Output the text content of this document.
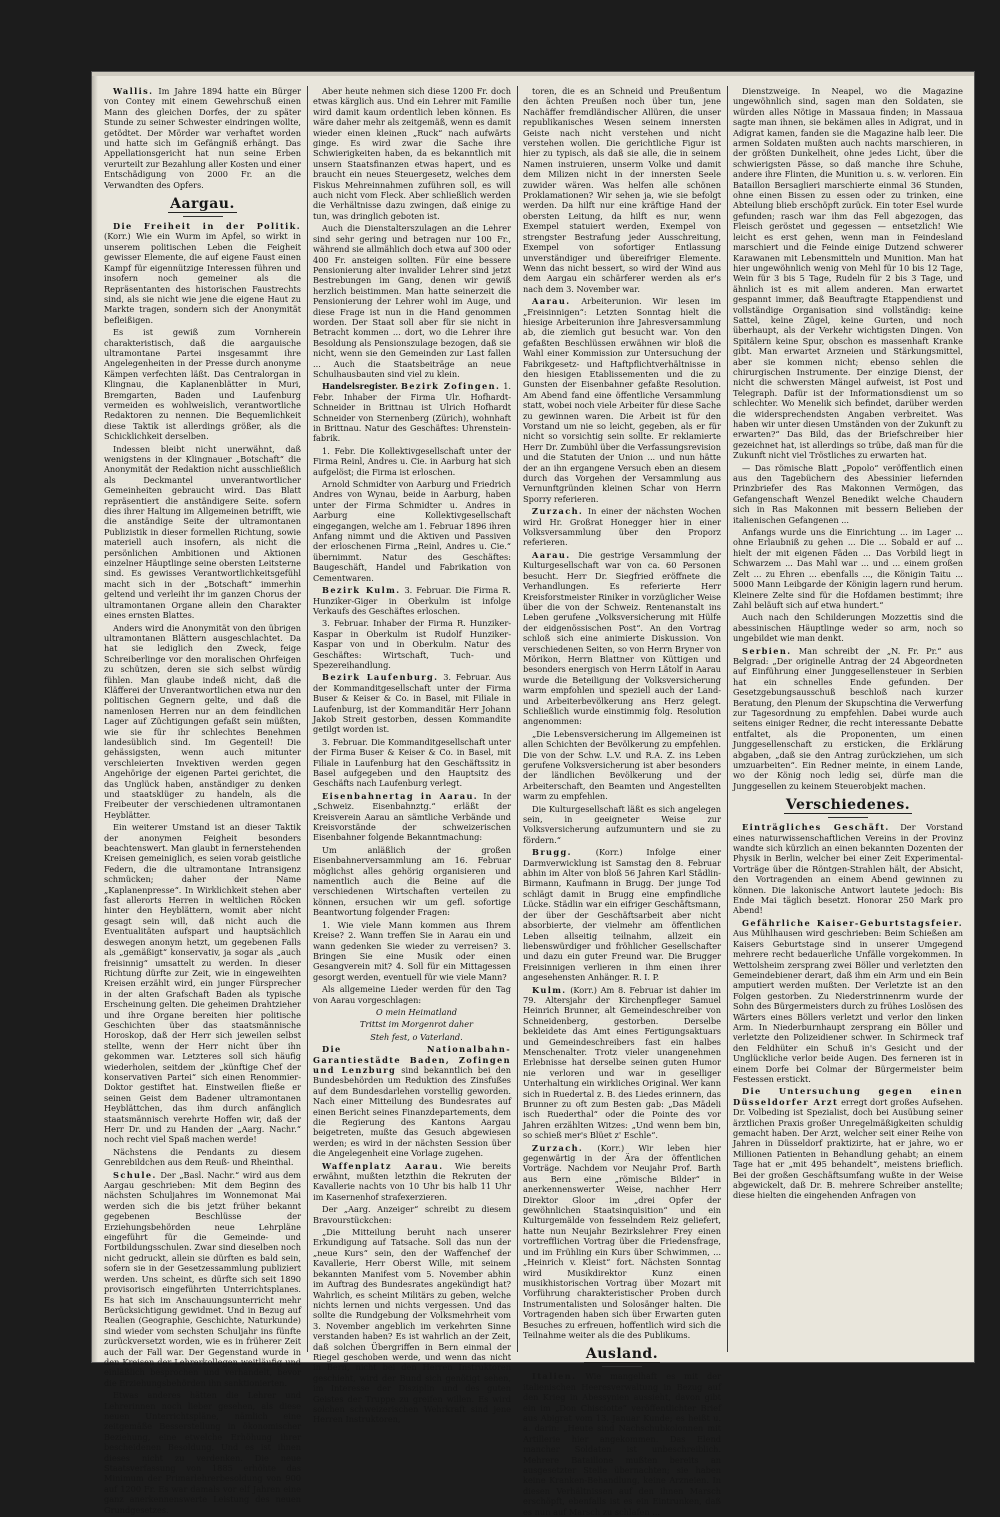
Wallis. Im Jahre 1894 hatte ein Bürger von Contey mit einem Gewehrschuß einen Mann des gleichen Dorfes, der zu später Stunde zu seiner Schwester eindringen wollte, getödtet. Der Mörder war verhaftet worden und hatte sich im Gefängniß erhängt. Das Appellationsgericht hat nun seine Erben verurteilt zur Bezahlung aller Kosten und einer Entschädigung von 2000 Fr. an die Verwandten des Opfers.

Aargau.

Die Freiheit in der Politik. (Korr.) Wie ein Wurm im Apfel, so wirkt in unserem politischen Leben die Feigheit gewisser Elemente, die auf eigene Faust einen Kampf für eigennützige Interessen führen und insofern noch gemeiner als die Repräsentanten des historischen Faustrechts sind, als sie nicht wie jene die eigene Haut zu Markte tragen, sondern sich der Anonymität befleißigen.

Es ist gewiß zum Vornherein charakteristisch, daß die aargauische ultramontane Partei insgesammt ihre Angelegenheiten in der Presse durch anonyme Kämpen verfechten läßt. Das Centralorgan in Klingnau, die Kaplanenblätter in Muri, Bremgarten, Baden und Laufenburg vermeiden es wohlweislich, verantwortliche Redaktoren zu nennen. Die Bequemlichkeit diese Taktik ist allerdings größer, als die Schicklichkeit derselben.

Indessen bleibt nicht unerwähnt, daß wenigstens in der Klingnauer „Botschaft“ die Anonymität der Redaktion nicht ausschließlich als Deckmantel unverantwortlicher Gemeinheiten gebraucht wird. Das Blatt repräsentiert die anständigere Seite. sofern dies ihrer Haltung im Allgemeinen betrifft, wie die anständige Seite der ultramontanen Publizistik in dieser formellen Richtung, sowie materiell auch insofern, als nicht die persönlichen Ambitionen und Aktionen einzelner Häuptlinge seine obersten Leitsterne sind. Es gewisses Verantwortlichkeitsgefühl macht sich in der „Botschaft“ immerhin geltend und verleiht ihr im ganzen Chorus der ultramontanen Organe allein den Charakter eines ernsten Blattes.

Anders wird die Anonymität von den übrigen ultramontanen Blättern ausgeschlachtet. Da hat sie lediglich den Zweck, feige Schreiberlinge vor den moralischen Ohrfeigen zu schützen, deren sie sich selbst würdig fühlen. Man glaube indeß nicht, daß die Kläfferei der Unverantwortlichen etwa nur den politischen Gegnern gelte, und daß die namenlosen Herren nur an dem feindlichen Lager auf Züchtigungen gefaßt sein müßten, wie sie für ihr schlechtes Benehmen landesüblich sind. Im Gegenteil! Die gehässigsten, wenn auch mitunter verschleierten Invektiven werden gegen Angehörige der eigenen Partei gerichtet, die das Unglück haben, anständiger zu denken und staatsklüger zu handeln, als die Freibeuter der verschiedenen ultramontanen Heyblätter.

Ein weiterer Umstand ist an dieser Taktik der anonymen Feigheit besonders beachtenswert. Man glaubt in fernerstehenden Kreisen gemeiniglich, es seien vorab geistliche Federn, die die ultramontane Intransigenz schmücken; daher der Name „Kaplanenpresse“. In Wirklichkeit stehen aber fast allerorts Herren in weltlichen Röcken hinter den Heyblättern, womit aber nicht gesagt sein will, daß nicht auch die Eventualitäten aufspart und hauptsächlich deswegen anonym hetzt, um gegebenen Falls als „gemäßigt“ konservativ, ja sogar als „auch freisinnig“ umsattelt zu werden. In dieser Richtung dürfte zur Zeit, wie in eingeweihten Kreisen erzählt wird, ein junger Fürsprecher in der alten Grafschaft Baden als typische Erscheinung gelten. Die geheimen Drahtzieher und ihre Organe bereiten hier politische Geschichten über das staatsmännische Horoskop, daß der Herr sich jeweilen selbst stellte, wenn der Herr nicht über ihn gekommen war. Letzteres soll sich häufig wiederholen, seitdem der „künftige Chef der konservativen Partei“ sich einen Renommier-Doktor gestiftet hat. Einstweilen fließe er seinen Geist dem Badener ultramontanen Heyblättchen, das ihm durch anfänglich staatsmännisch verehrte Hoffen wir, daß der Herr Dr. und zu Handen der „Aarg. Nachr.“ noch recht viel Spaß machen werde!

Nächstens die Pendants zu diesem Genrebildchen aus dem Reuß- und Rheinthal.

Schule. Der „Basl. Nachr.“ wird aus dem Aargau geschrieben: Mit dem Beginn des nächsten Schuljahres im Wonnemonat Mai werden sich die bis jetzt früher bekannt gegebenen Beschlüsse der Erziehungsbehörden neue Lehrpläne eingeführt für die Gemeinde- und Fortbildungsschulen. Zwar sind dieselben noch nicht gedruckt, allein sie dürften es bald sein, sofern sie in der Gesetzessammlung publiziert werden. Uns scheint, es dürfte sich seit 1890 provisorisch eingeführten Unterrichtsplanes. Es hat sich im Anschauungsunterricht mehr Berücksichtigung gewidmet. Und in Bezug auf Realien (Geographie, Geschichte, Naturkunde) sind wieder vom sechsten Schuljahr ins fünfte zurückversetzt worden, wie es in früherer Zeit auch der Fall war. Der Gegenstand wurde in den Kreisen der Lehrerkollegen weitläufig und einläßlich besprochen und verhandelt, bevor die Erziehungsbehörden ihn sanktionierten.

Etwas anderes hätten die Lehrer und Lehrerinnen noch lieber gesehen, als diese neuen Unterrichtspläne, nämlich eine zeitgemäße Besserstellung in ökonomischer Beziehung, eine etwelche Erhöhung ihrer bescheidenen Besoldung. Und es ist ihnen dieses nicht zu verdenken. Die neue Staatsverfassung von 1885 erhöhte das Minimum der Primarlehrerbesoldung von 900 auf 1200 Fr. Es war damals vor elf Jahren eine ganz anerkennenswerte Leistung des neuen Grundgesetzes.

Aber heute nehmen sich diese 1200 Fr. doch etwas kärglich aus. Und ein Lehrer mit Familie wird damit kaum ordentlich leben können. Es wäre daher mehr als zeitgemäß, wenn es damit wieder einen kleinen „Ruck“ nach aufwärts ginge. Es wird zwar die Sache ihre Schwierigkeiten haben, da es bekanntlich mit unsern Staatsfinanzen etwas hapert, und es braucht ein neues Steuergesetz, welches dem Fiskus Mehreinnahmen zuführen soll, es will auch nicht vom Fleck. Aber schließlich werden die Verhältnisse dazu zwingen, daß einige zu tun, was dringlich geboten ist.

Auch die Dienstalterszulagen an die Lehrer sind sehr gering und betragen nur 100 Fr., während sie allmählich doch etwa auf 300 oder 400 Fr. ansteigen sollten. Für eine bessere Pensionierung alter invalider Lehrer sind jetzt Bestrebungen im Gang, denen wir gewiß herzlich beistimmen. Man hatte seinerzeit die Pensionierung der Lehrer wohl im Auge, und diese Frage ist nun in die Hand genommen worden. Der Staat soll aber für sie nicht in Betracht kommen ... dort, wo die Lehrer ihre Besoldung als Pensionszulage bezogen, daß sie nicht, wenn sie den Gemeinden zur Last fallen ... Auch die Staatsbeiträge an neue Schulhausbauten sind viel zu klein.

Handelsregister. Bezirk Zofingen. 1. Febr. Inhaber der Firma Ulr. Hofhardt-Schneider in Brittnau ist Ulrich Hofhardt Schneider von Sternenberg (Zürich), wohnhaft in Brittnau. Natur des Geschäftes: Uhrenstein-fabrik.

1. Febr. Die Kollektivgesellschaft unter der Firma Reinl, Andres u. Cie. in Aarburg hat sich aufgelöst; die Firma ist erloschen.

Arnold Schmidter von Aarburg und Friedrich Andres von Wynau, beide in Aarburg, haben unter der Firma Schmidter u. Andres in Aarburg eine Kollektivgesellschaft eingegangen, welche am 1. Februar 1896 ihren Anfang nimmt und die Aktiven und Passiven der erloschenen Firma „Reinl, Andres u. Cie.“ übernimmt. Natur des Geschäftes: Baugeschäft, Handel und Fabrikation von Cementwaren.

Bezirk Kulm. 3. Februar. Die Firma R. Hunziker-Giger in Oberkulm ist infolge Verkaufs des Geschäftes erloschen.

3. Februar. Inhaber der Firma R. Hunziker-Kaspar in Oberkulm ist Rudolf Hunziker-Kaspar von und in Oberkulm. Natur des Geschäftes: Wirtschaft, Tuch- und Spezereihandlung.

Bezirk Laufenburg. 3. Februar. Aus der Kommanditgesellschaft unter der Firma Buser & Keiser & Co. in Basel, mit Filiale in Laufenburg, ist der Kommanditär Herr Johann Jakob Streit gestorben, dessen Kommandite getilgt worden ist.

3. Februar. Die Kommanditgesellschaft unter der Firma Buser & Keiser & Co. in Basel, mit Filiale in Laufenburg hat den Geschäftssitz in Basel aufgegeben und den Hauptsitz des Geschäfts nach Laufenburg verlegt.

Eisenbahnertag in Aarau. In der „Schweiz. Eisenbahnztg.“ erläßt der Kreisverein Aarau an sämtliche Verbände und Kreisvorstände der schweizerischen Eisenbahner folgende Bekanntmachung:

Um anläßlich der großen Eisenbahnerversammlung am 16. Februar möglichst alles gehörig organisieren und namentlich auch die Beine auf die verschiedenen Wirtschaften verteilen zu können, ersuchen wir um gefl. sofortige Beantwortung folgender Fragen:

1. Wie viele Mann kommen aus Ihrem Kreise? 2. Wann treffen Sie in Aarau ein und wann gedenken Sie wieder zu verreisen? 3. Bringen Sie eine Musik oder einen Gesangverein mit? 4. Soll für ein Mittagessen gesorgt werden, eventuell für wie viele Mann?

Als allgemeine Lieder werden für den Tag von Aarau vorgeschlagen:

O mein Heimatland

Trittst im Morgenrot daher

Steh fest, o Vaterland.

Die Nationalbahn-Garantiestädte Baden, Zofingen und Lenzburg sind bekanntlich bei den Bundesbehörden um Reduktion des Zinsfußes auf dem Bundesdarlehen vorstellig geworden. Nach einer Mitteilung des Bundesrates auf einen Bericht seines Finanzdepartements, dem die Regierung des Kantons Aargau beigetreten, mußte das Gesuch abgewiesen werden; es wird in der nächsten Session über die Angelegenheit eine Vorlage zugehen.

Waffenplatz Aarau. Wie bereits erwähnt, mußten letzthin die Rekruten der Kavallerie nachts von 10 Uhr bis halb 11 Uhr im Kasernenhof strafexerzieren.

Der „Aarg. Anzeiger“ schreibt zu diesem Bravourstückchen:

„Die Mitteilung beruht nach unserer Erkundigung auf Tatsache. Soll das nun der „neue Kurs“ sein, den der Waffenchef der Kavallerie, Herr Oberst Wille, mit seinem bekannten Manifest vom 5. November abhin im Auftrag des Bundesrates angekündigt hat? Wahrlich, es scheint Militärs zu geben, welche nichts lernen und nichts vergessen. Und das sollte die Rundgebung der Volksmehrheit vom 3. November angeblich im verkehrten Sinne verstanden haben? Es ist wahrlich an der Zeit, daß solchen Übergriffen in Bern einmal der Riegel geschoben werde, und wenn das nicht in Bern, nicht bei den Herren Instruktoren geschieht, wird der Bund sich genötigt sehen, im Interesse der Disziplin und des guten Geistes der Truppe zu greifen willen. Es wird solchen schweizerischen Wehrkraft sind jene Herren Instruktoren,

toren, die es an Schneid und Preußentum den ächten Preußen noch über tun, jene Nachäffer fremdländischer Allüren, die unser republikanisches Wesen seinem innersten Geiste nach nicht verstehen und nicht verstehen wollen. Die gerichtliche Figur ist hier zu typisch, als daß sie alle, die in seinem Namen instruieren, unserm Volke und damit dem Milizen nicht in der innersten Seele zuwider wären. Was helfen alle schönen Proklamationen? Wir sehen ja, wie sie befolgt werden. Da hilft nur eine kräftige Hand der obersten Leitung, da hilft es nur, wenn Exempel statuiert werden, Exempel von strengster Bestrafung jeder Ausschreitung, Exempel von sofortiger Entlassung unverständiger und übereifriger Elemente. Wenn das nicht bessert, so wird der Wind aus dem Aargau ein schärferer werden als er's nach dem 3. November war.

Aarau. Arbeiterunion. Wir lesen im „Freisinnigen“: Letzten Sonntag hielt die hiesige Arbeiterunion ihre Jahresversammlung ab, die ziemlich gut besucht war. Von den gefaßten Beschlüssen erwähnen wir bloß die Wahl einer Kommission zur Untersuchung der Fabrikgesetz- und Haftpflichtverhältnisse in den hiesigen Etablissementen und die zu Gunsten der Eisenbahner gefaßte Resolution. Am Abend fand eine öffentliche Versammlung statt, wobei noch viele Arbeiter für diese Sache zu gewinnen waren. Die Arbeit ist für den Vorstand um nie so leicht, gegeben, als er für nicht so vorsichtig sein sollte. Er reklamierte Herr Dr. Zumbühl über die Verfassungsrevision und die Statuten der Union ... und nun hätte der an ihn ergangene Versuch eben an diesem durch das Vorgehen der Versammlung aus Vernunftgründen kleinen Schar von Herrn Sporry referieren.

Zurzach. In einer der nächsten Wochen wird Hr. Großrat Honegger hier in einer Volksversammlung über den Proporz referieren.

Aarau. Die gestrige Versammlung der Kulturgesellschaft war von ca. 60 Personen besucht. Herr Dr. Siegfried eröffnete die Verhandlungen. Es referierte Herr Kreisforstmeister Riniker in vorzüglicher Weise über die von der Schweiz. Rentenanstalt ins Leben gerufene „Volksversicherung mit Hülfe der eidgenössischen Post“. An den Vortrag schloß sich eine animierte Diskussion. Von verschiedenen Seiten, so von Herrn Bryner von Mörikon, Herrn Blattner von Küttigen und besonders energisch von Herrn Lätolf in Aarau wurde die Beteiligung der Volksversicherung warm empfohlen und speziell auch der Land- und Arbeiterbevölkerung ans Herz gelegt. Schließlich wurde einstimmig folg. Resolution angenommen:

„Die Lebensversicherung im Allgemeinen ist allen Schichten der Bevölkerung zu empfehlen. Die von der Schw. L.V. und R.A. Z. ins Leben gerufene Volksversicherung ist aber besonders der ländlichen Bevölkerung und der Arbeiterschaft, den Beamten und Angestellten warm zu empfehlen.

Die Kulturgesellschaft läßt es sich angelegen sein, in geeigneter Weise zur Volksversicherung aufzumuntern und sie zu fördern.“

Brugg.	(Korr.) Infolge einer Darmverwicklung ist Samstag den 8. Februar abhin im Alter von bloß 56 Jahren Karl Städlin-Birmann, Kaufmann in Brugg. Der junge Tod schlägt damit in Brugg eine empfindliche Lücke. Städlin war ein eifriger Geschäftsmann, der über der Geschäftsarbeit aber nicht absorbierte, der vielmehr am öffentlichen Leben allseitig teilnahm, allzeit ein liebenswürdiger und fröhlicher Gesellschafter und dazu ein guter Freund war. Die Brugger Freisinnigen verlieren in ihm einen ihrer angesehensten Anhänger. R. I. P.

Kulm. (Korr.) Am 8. Februar ist dahier im 79. Altersjahr der Kirchenpfleger Samuel Heinrich Brunner, alt Gemeindeschreiber von Schneidenberg, gestorben. Derselbe bekleidete das Amt eines Fertigungsaktuars und Gemeindeschreibers fast ein halbes Menschenalter. Trotz vieler unangenehmen Erlebnisse hat derselbe seinen guten Humor nie verloren und war in geselliger Unterhaltung ein wirkliches Original. Wer kann sich in Ruedertal z. B. des Liedes erinnern, das Brunner zu oft zum Besten gab: „Das Mädeli isch Ruederthal“ oder die Pointe des vor Jahren erzählten Witzes: „Und wenn bem bin, so schieß mer's Blüet z' Eschle“.

Zurzach. (Korr.) Wir leben hier gegenwärtig in der Ära der öffentlichen Vorträge. Nachdem vor Neujahr Prof. Barth aus Bern eine „römische Bilder“ in anerkennenswerter Weise, nachher Herr Direktor Gloor im „drei Opfer der gewöhnlichen Staatsinquisition“ und ein Kulturgemälde von fesselndem Reiz geliefert, hatte nun Neujahr Bezirkslehrer Frey einen vortrefflichen Vortrag über die Friedensfrage, und im Frühling ein Kurs über Schwimmen, ... „Heinrich v. Kleist“ fort. Nächsten Sonntag wird Musikdirektor Kunz einen musikhistorischen Vortrag über Mozart mit Vorführung charakteristischer Proben durch Instrumentalisten und Solosänger halten. Die Vortragenden haben sich über Erwarten guten Besuches zu erfreuen, hoffentlich wird sich die Teilnahme weiter als die des Publikums.

Ausland.

Italien. Wie mangelhaft es mit der italienischen Heeresverwaltung in Bezug auf den Krieg in Abessynien aussieht, davon gibt ein im „Don Chisciotte“ veröffentlichter Brief aus Abigrat vom 13. Januar Kunde; es heißt u. a. darin: „Heute sind Nachschubkolonnen mit Artillerie hier angekommen. Das Elend mancher Soldaten ist unbeschreiblich. Mehrere Bataillone mußten bereits an ausgesetzter Stelle übernachten; sie haben keine Kranken-Behandlung, keine Arzneien. In diesen Verhältnissen auf den ihnen Marsch erschöpft, ebenfalls ist es ein Eintrunken, daß es nun auf Marsch zu schlafen ...

Dienstzweige. In Neapel, wo die Magazine ungewöhnlich sind, sagen man den Soldaten, sie würden alles Nötige in Massaua finden; in Massaua sagte man ihnen, sie bekämen alles in Adigrat, und in Adigrat kamen, fanden sie die Magazine halb leer. Die armen Soldaten mußten auch nachts marschieren, in der größten Dunkelheit, ohne jedes Licht, über die schwierigsten Pässe, so daß manche ihre Schuhe, andere ihre Flinten, die Munition u. s. w. verloren. Ein Bataillon Bersaglieri marschierte einmal 36 Stunden, ohne einen Bissen zu essen oder zu trinken, eine Abteilung blieb erschöpft zurück. Ein toter Esel wurde gefunden; rasch war ihm das Fell abgezogen, das Fleisch geröstet und gegessen — entsetzlich! Wie leicht es erst gehen, wenn man in Feindesland marschiert und die Feinde einige Dutzend schwerer Karawanen mit Lebensmitteln und Munition. Man hat hier ungewöhnlich wenig von Mehl für 10 bis 12 Tage, Wein für 3 bis 5 Tage, Rudeln für 2 bis 3 Tage, und ähnlich ist es mit allem anderen. Man erwartet gespannt immer, daß Beauftragte Etappendienst und vollständige Organisation sind vollständig: keine Sattel, keine Zügel, keine Gurten, und noch überhaupt, als der Verkehr wichtigsten Dingen. Von Spitälern keine Spur, obschon es massenhaft Kranke gibt. Man erwartet Arzneien und Stärkungsmittel, aber sie kommen nicht; ebenso sehlen die chirurgischen Instrumente. Der einzige Dienst, der nicht die schwersten Mängel aufweist, ist Post und Telegraph. Dafür ist der Informationsdienst um so schlechter. Wo Menelik sich befindet, darüber werden die widersprechendsten Angaben verbreitet. Was haben wir unter diesen Umständen von der Zukunft zu erwarten?“ Das Bild, das der Briefschreiber hier gezeichnet hat, ist allerdings so trübe, daß man für die Zukunft nicht viel Tröstliches zu erwarten hat.

— Das römische Blatt „Popolo“ veröffentlich einen aus den Tagebüchern des Abessinier liefernden Prinzbriefer des Ras Makonnen Vermögen, das Gefangenschaft Wenzel Benedikt welche Chaudern sich in Ras Makonnen mit bessern Belieben der italienischen Gefangenen ...

Anfangs wurde uns die Einrichtung ... im Lager ... ohne Erlaubniß zu gehen ... Die ... Sobald er auf ... hielt der mit eigenen Fäden ... Das Vorbild liegt in Schwarzem ... Das Mahl war ... und ... einem großen Zelt ... zu Ehren ... ebenfalls ..., die Königin Taitu ... 5000 Mann Leibgarde der Königin lagern rund herum. Kleinere Zelte sind für die Hofdamen bestimmt; ihre Zahl beläuft sich auf etwa hundert.“

Auch nach den Schilderungen Mozzettis sind die abessinischen Häuptlinge weder so arm, noch so ungebildet wie man denkt.

Serbien. Man schreibt der „N. Fr. Pr.“ aus Belgrad: „Der originelle Antrag der 24 Abgeordneten auf Einführung einer Junggesellensteuer in Serbien hat ein schnelles Ende gefunden. Der Gesetzgebungsausschuß beschloß nach kurzer Beratung, den Plenum der Skupschtina die Verwerfung zur Tagesordnung zu empfehlen. Dabei wurde auch seitens einiger Redner, die recht interessante Debatte entfaltet, als die Proponenten, um einen Junggesellenschaft zu ersticken, die Erklärung abgaben, „daß sie den Antrag zurückziehen, um sich umzuarbeiten“. Ein Redner meinte, in einem Lande, wo der König noch ledig sei, dürfe man die Junggesellen zu keinem Steuerobjekt machen.

Verschiedenes.

Einträgliches Geschäft. Der Vorstand eines naturwissenschaftlichen Vereins in der Provinz wandte sich kürzlich an einen bekannten Dozenten der Physik in Berlin, welcher bei einer Zeit Experimental-Vorträge über die Röntgen-Strahlen hält, der Absicht, den Vortragenden an einem Abend gewinnen zu können. Die lakonische Antwort lautete jedoch: Bis Ende Mai täglich besetzt. Honorar 250 Mark pro Abend!

Gefährliche Kaiser-Geburtstagsfeier. Aus Mühlhausen wird geschrieben: Beim Schießen am Kaisers Geburtstage sind in unserer Umgegend mehrere recht bedauerliche Unfälle vorgekommen. In Wettolsheim zersprang zwei Böller und verletzten den Gemeindebiener derart, daß ihm ein Arm und ein Bein amputiert werden mußten. Der Verletzte ist an den Folgen gestorben. Zu Niederstrinnenrm wurde der Sohn des Bürgermeisters durch zu frühes Loslösen des Wärters eines Böllers verletzt und verlor den linken Arm. In Niederburnhaupt zersprang ein Böller und verletzte den Polizeidiener schwer. In Schirmeck traf den Feldhüter ein Schuß in's Gesicht und der Unglückliche verlor beide Augen. Des ferneren ist in einem Dorfe bei Colmar der Bürgermeister beim Festessen erstickt.

Die Untersuchung gegen einen Düsseldorfer Arzt erregt dort großes Aufsehen. Dr. Volbeding ist Spezialist, doch bei Ausübung seiner ärztlichen Praxis großer Unregelmäßigkeiten schuldig gemacht haben. Der Arzt, welcher seit einer Reihe von Jahren in Düsseldorf praktizirte, hat er jahre, wo er Millionen Patienten in Behandlung gehabt; an einem Tage hat er „mit 495 behandelt“, meistens brieflich. Bei der großen Geschäftsumfang wußte in der Weise abgewickelt, daß Dr. B. mehrere Schreiber anstellte; diese hielten die eingehenden Anfragen von
